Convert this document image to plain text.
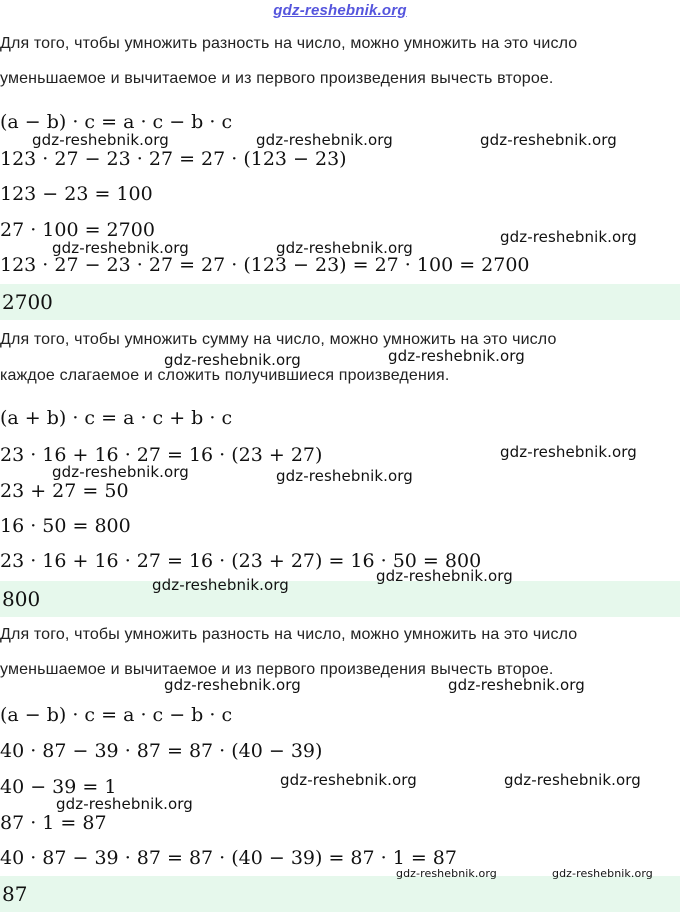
gdz-reshebnik.org
Для того, чтобы умножить разность на число, можно умножить на это число
уменьшаемое и вычитаемое и из первого произведения вычесть второе.
(a − b) · c = a · c − b · c
123 · 27 − 23 · 27 = 27 · (123 − 23)
123 − 23 = 100
27 · 100 = 2700
123 · 27 − 23 · 27 = 27 · (123 − 23) = 27 · 100 = 2700
2700
Для того, чтобы умножить сумму на число, можно умножить на это число
каждое слагаемое и сложить получившиеся произведения.
(a + b) · c = a · c + b · c
23 · 16 + 16 · 27 = 16 · (23 + 27)
23 + 27 = 50
16 · 50 = 800
23 · 16 + 16 · 27 = 16 · (23 + 27) = 16 · 50 = 800
800
Для того, чтобы умножить разность на число, можно умножить на это число
уменьшаемое и вычитаемое и из первого произведения вычесть второе.
(a − b) · c = a · c − b · c
40 · 87 − 39 · 87 = 87 · (40 − 39)
40 − 39 = 1
87 · 1 = 87
40 · 87 − 39 · 87 = 87 · (40 − 39) = 87 · 1 = 87
87
gdz-reshebnik.org	gdz-reshebnik.org	gdz-reshebnik.org
gdz-reshebnik.org	gdz-reshebnik.org
gdz-reshebnik.org
gdz-reshebnik.org	gdz-reshebnik.org
gdz-reshebnik.org
gdz-reshebnik.org	gdz-reshebnik.org
gdz-reshebnik.org	gdz-reshebnik.org
gdz-reshebnik.org	gdz-reshebnik.org
gdz-reshebnik.org	gdz-reshebnik.org
gdz-reshebnik.org
gdz-reshebnik.org	gdz-reshebnik.org
